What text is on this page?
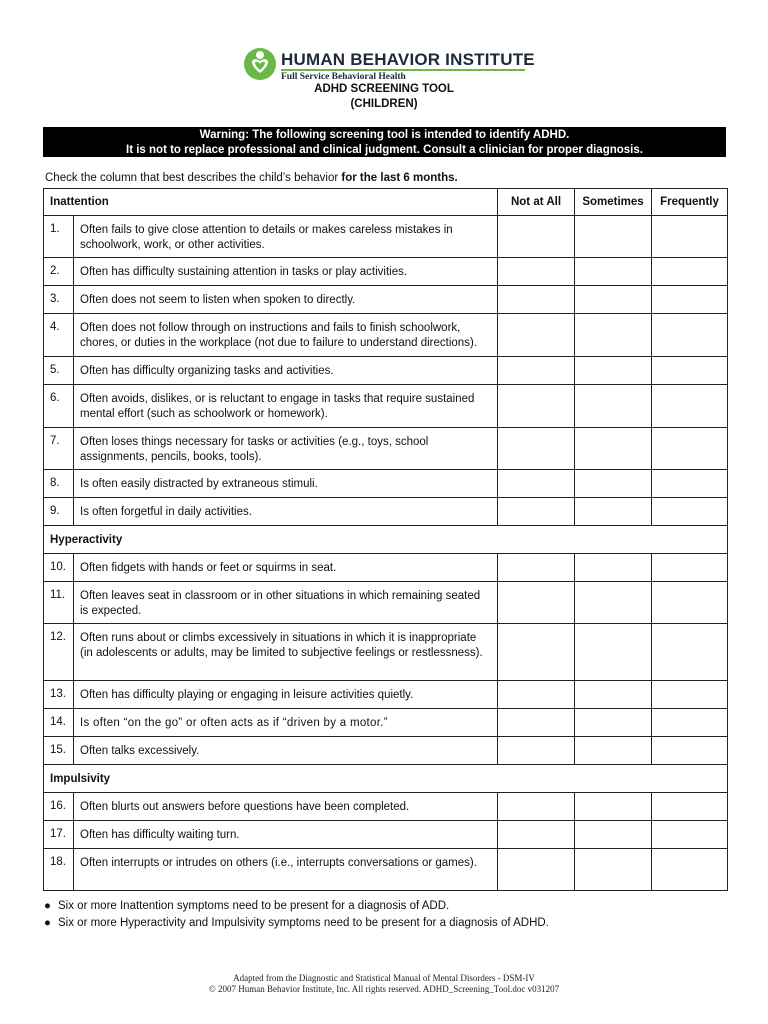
HUMAN BEHAVIOR INSTITUTE
Full Service Behavioral Health
ADHD SCREENING TOOL
(CHILDREN)
Warning: The following screening tool is intended to identify ADHD.
It is not to replace professional and clinical judgment. Consult a clinician for proper diagnosis.
Check the column that best describes the child’s behavior for the last 6 months.
Inattention		Not at All	Sometimes	Frequently
1.	Often fails to give close attention to details or makes careless mistakes in schoolwork, work, or other activities.			
2.	Often has difficulty sustaining attention in tasks or play activities.			
3.	Often does not seem to listen when spoken to directly.			
4.	Often does not follow through on instructions and fails to finish schoolwork, chores, or duties in the workplace (not due to failure to understand directions).			
5.	Often has difficulty organizing tasks and activities.			
6.	Often avoids, dislikes, or is reluctant to engage in tasks that require sustained mental effort (such as schoolwork or homework).			
7.	Often loses things necessary for tasks or activities (e.g., toys, school assignments, pencils, books, tools).			
8.	Is often easily distracted by extraneous stimuli.			
9.	Is often forgetful in daily activities.			
Hyperactivity				
10.	Often fidgets with hands or feet or squirms in seat.			
11.	Often leaves seat in classroom or in other situations in which remaining seated is expected.			
12.	Often runs about or climbs excessively in situations in which it is inappropriate (in adolescents or adults, may be limited to subjective feelings or restlessness).			
13.	Often has difficulty playing or engaging in leisure activities quietly.			
14.	Is often “on the go” or often acts as if “driven by a motor.”			
15.	Often talks excessively.			
Impulsivity				
16.	Often blurts out answers before questions have been completed.			
17.	Often has difficulty waiting turn.			
18.	Often interrupts or intrudes on others (i.e., interrupts conversations or games).			
● Six or more Inattention symptoms need to be present for a diagnosis of ADD.
● Six or more Hyperactivity and Impulsivity symptoms need to be present for a diagnosis of ADHD.
Adapted from the Diagnostic and Statistical Manual of Mental Disorders - DSM-IV
© 2007 Human Behavior Institute, Inc. All rights reserved. ADHD_Screening_Tool.doc v031207
